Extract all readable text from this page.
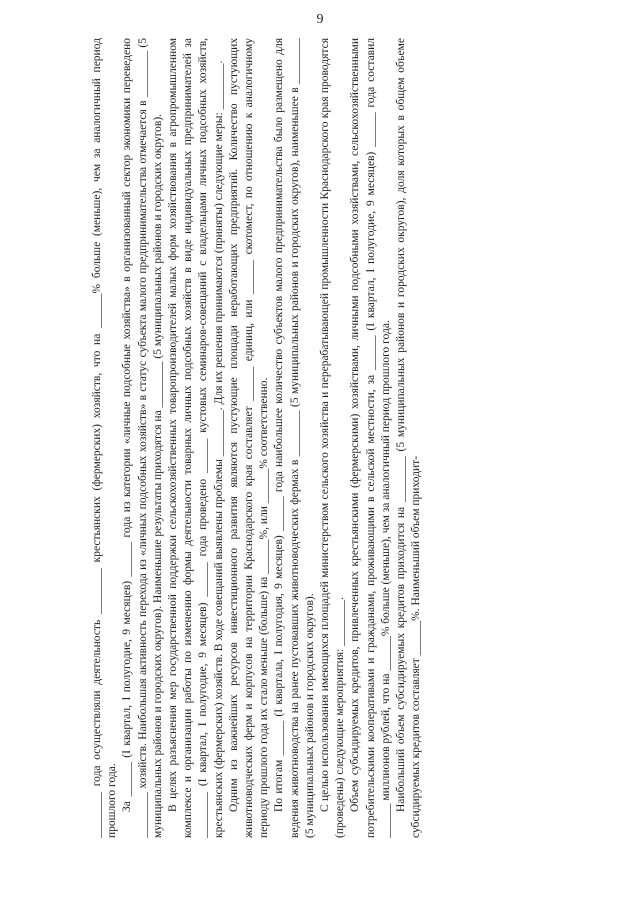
9

________ года осуществляли деятельность ________ крестьянских (фермерских) хозяйств, что на ______% больше (меньше), чем за аналогичный период прошлого года. За ______ (I квартал, I полугодие, 9 месяцев) ______ года из категории «личные подсобные хозяйства» в организованный сектор экономики переведено ________ хозяйств. Наибольшая активность перехода из «личных подсобных хозяйств» в статус субъекта малого предпринимательства отмечается в ________ (5 муниципальных районов и городских округов). Наименьшие результаты приходятся на ________ (5 муниципальных районов и городских округов). В целях разъяснения мер государственной поддержки сельскохозяйственных товаропроизводителей малых форм хозяйствования в агропромышленном комплексе и организации работы по изменению формы деятельности товарных личных подсобных хозяйств в виде индивидуальных предпринимателей за ________ (I квартал, I полугодие, 9 месяцев) ______ года проведено ______ кустовых семинаров-совещаний с владельцами личных подсобных хозяйств, крестьянских (фермерских) хозяйств. В ходе совещаний выявлены проблемы ________. Для их решения принимаются (приняты) следующие меры: ________. Одним из важнейших ресурсов инвестиционного развития являются пустующие площади неработающих предприятий. Количество пустующих животноводческих ферм и корпусов на территории Краснодарского края составляет ______ единиц, или ______ скотомест, по отношению к аналогичному периоду прошлого года их стало меньше (больше) на ______%, или ______% соответственно. По итогам ______ (I квартала, I полугодия, 9 месяцев) ______ года наибольшее количество субъектов малого предпринимательства было размещено для ведения животноводства на ранее пустовавших животноводческих фермах в ________ (5 муниципальных районов и городских округов), наименьшее в ________ (5 муниципальных районов и городских округов). С целью использования имеющихся площадей министерством сельского хозяйства и перерабатывающей промышленности Краснодарского края проводятся (проведены) следующие мероприятия: ________. Объем субсидируемых кредитов, привлеченных крестьянскими (фермерскими) хозяйствами, личными подсобными хозяйствами, сельскохозяйственными потребительскими кооперативами и гражданами, проживающими в сельской местности, за ______ (I квартал, I полугодие, 9 месяцев) ______ года составил ______ миллионов рублей, что на ______% больше (меньше), чем за аналогичный период прошлого года. Наибольший объем субсидируемых кредитов приходится на ________ (5 муниципальных районов и городских округов), доля которых в общем объеме субсидируемых кредитов составляет ______%. Наименьший объем приходит-
